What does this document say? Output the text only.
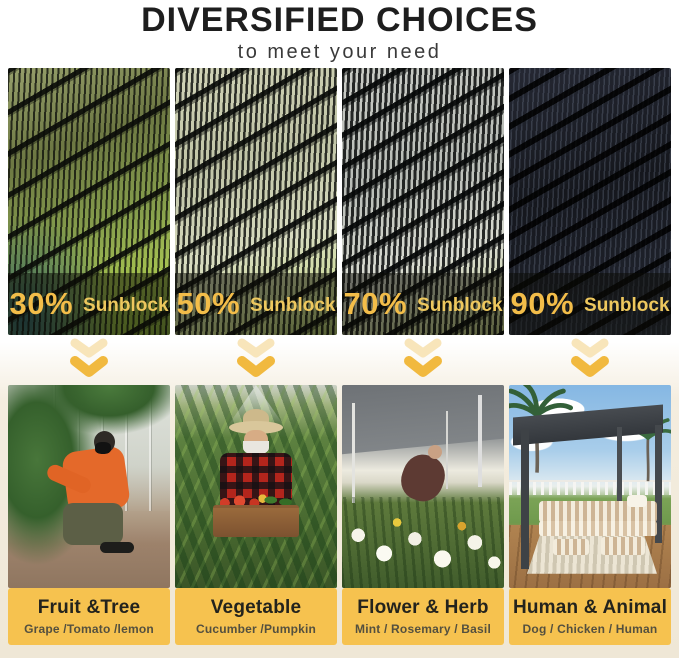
DIVERSIFIED CHOICES
to meet your need
30% Sunblock
Fruit &Tree
Grape /Tomato /lemon
50% Sunblock
Vegetable
Cucumber /Pumpkin
70% Sunblock
Flower & Herb
Mint / Rosemary / Basil
90% Sunblock
Human & Animal
Dog / Chicken / Human
